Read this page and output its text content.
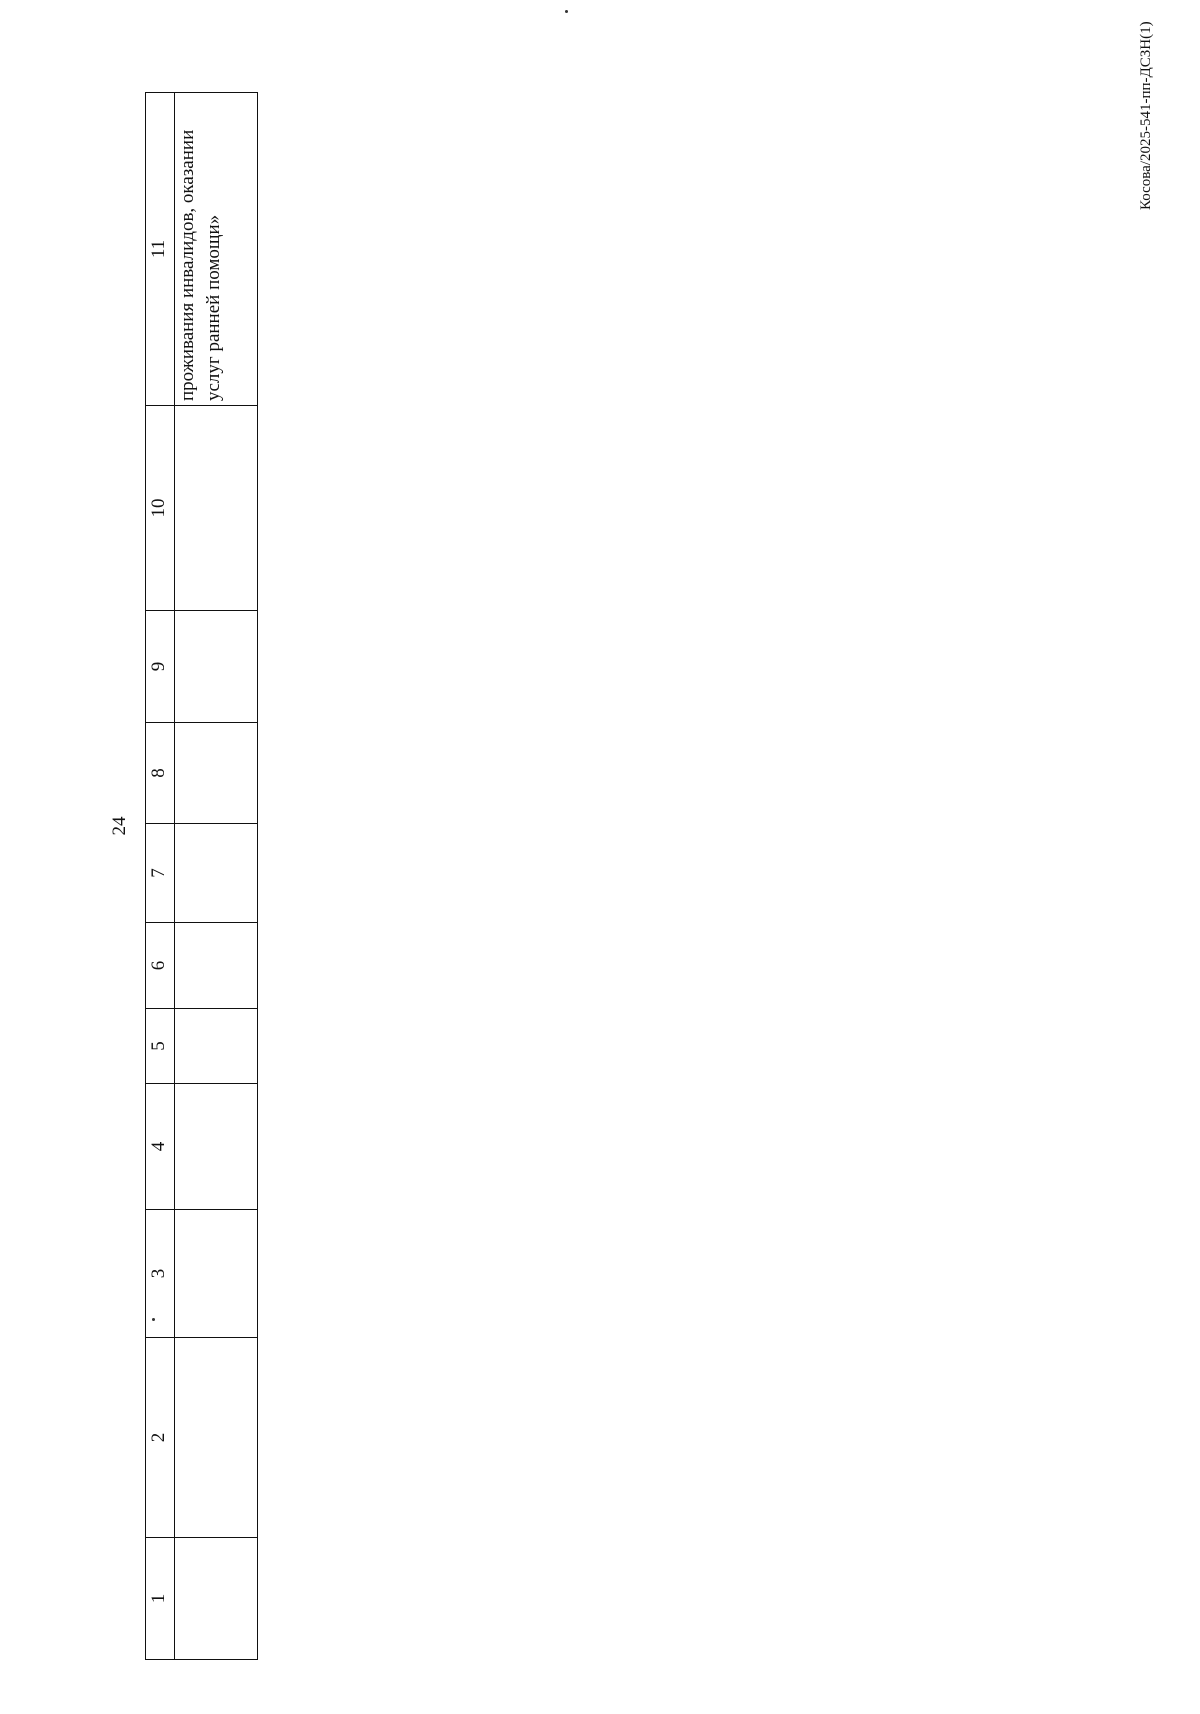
24
Косова/2025-541-пп-ДСЗН(1)
1	2	3	4	5	6	7	8	9	10	11
										проживания инвалидов, оказании услуг ранней помощи»
